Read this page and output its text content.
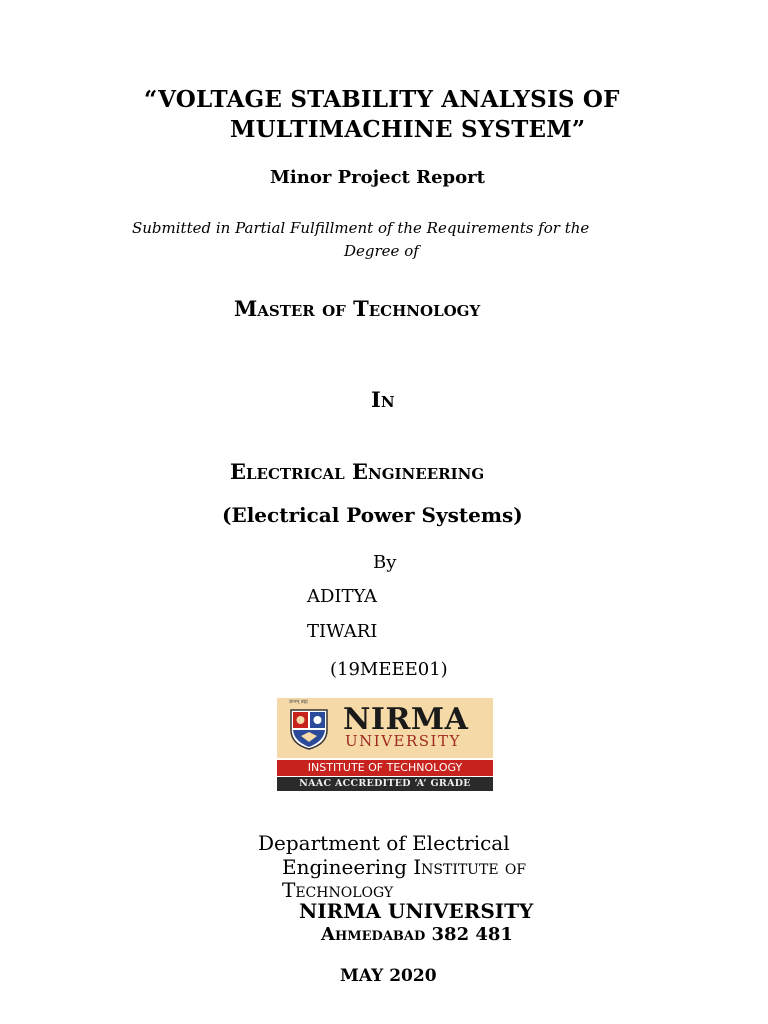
“VOLTAGE STABILITY ANALYSIS OF
MULTIMACHINE SYSTEM”
Minor Project Report
Submitted in Partial Fulfillment of the Requirements for the
Degree of
Master of Technology
In
Electrical Engineering
(Electrical Power Systems)
By
ADITYA
TIWARI
(19MEEE01)
ज्ञानम् ब्रह्म NIRMA
UNIVERSITY
INSTITUTE OF TECHNOLOGY
NAAC ACCREDITED ‘A’ GRADE
Department of Electrical
Engineering Institute of
Technology
NIRMA UNIVERSITY
Ahmedabad 382 481
MAY 2020
